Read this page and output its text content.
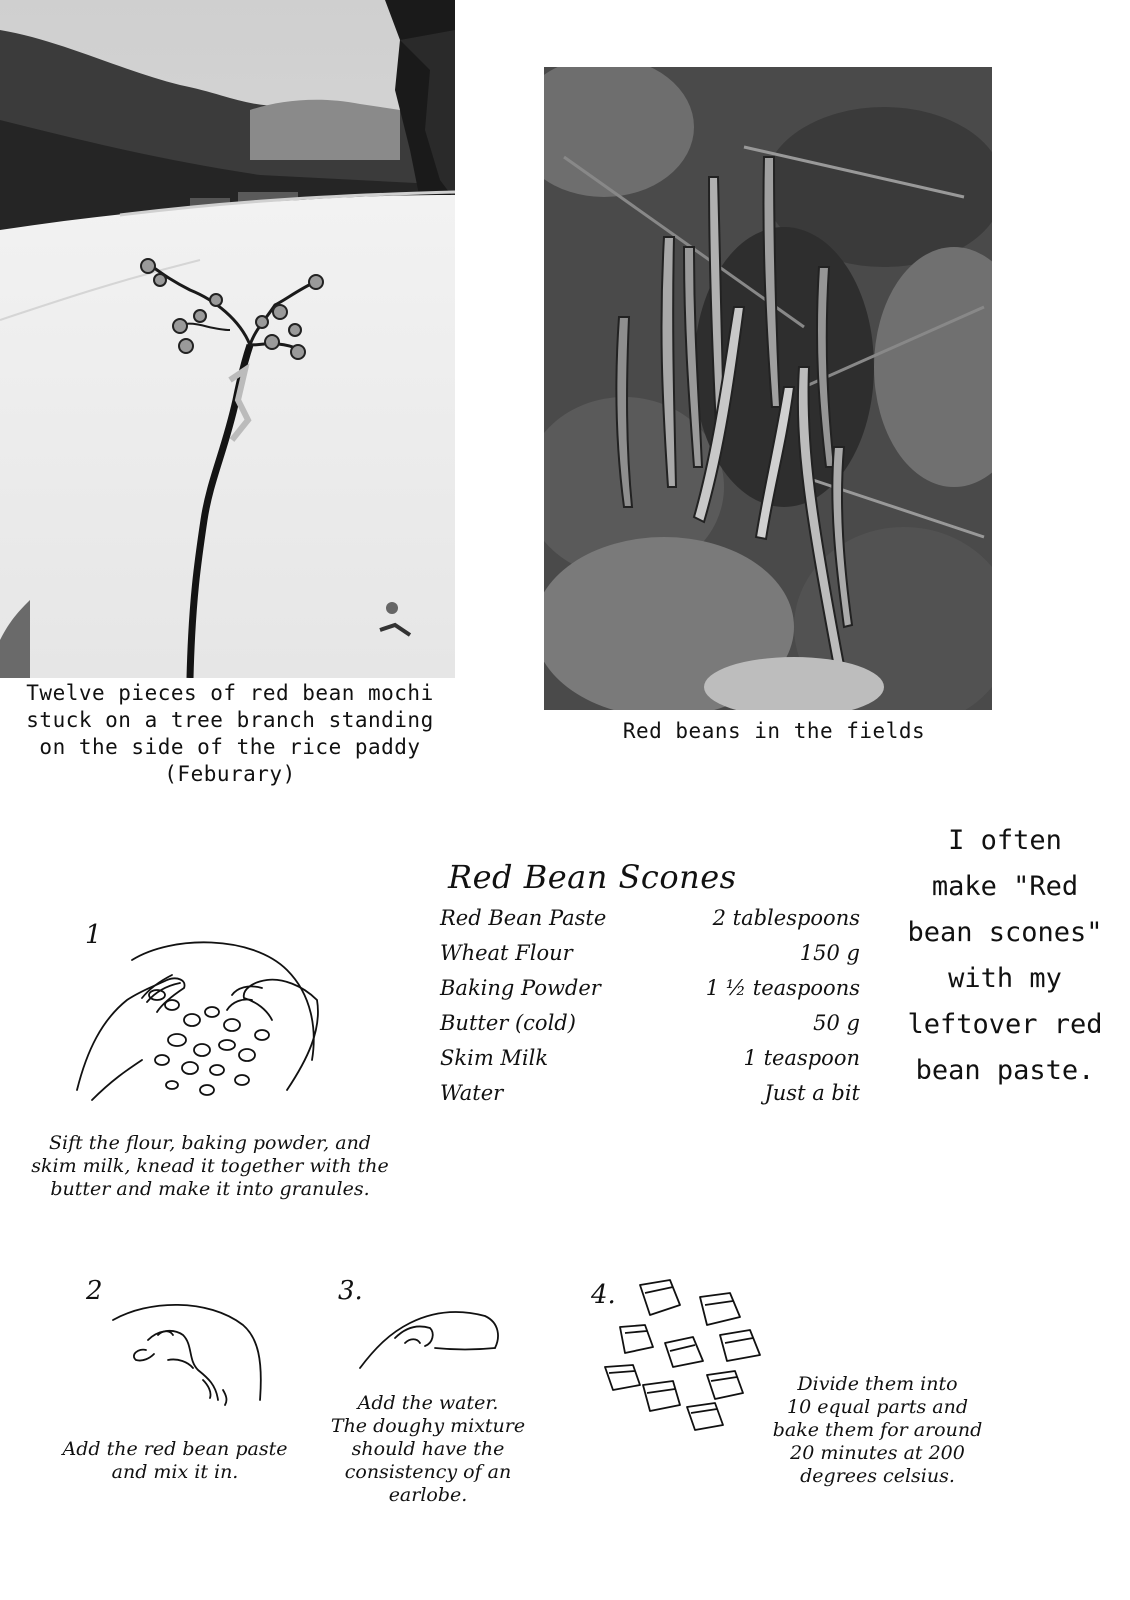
Twelve pieces of red bean mochi
stuck on a tree branch standing
on the side of the rice paddy
(Feburary)
Red beans in the fields
Red Bean Scones
Red Bean Paste	2 tablespoons
Wheat Flour	150 g
Baking Powder	1 ½ teaspoons
Butter (cold)	50 g
Skim Milk	1 teaspoon
Water	Just a bit
I often
make "Red
bean scones"
with my
leftover red
bean paste.
1
Sift the flour, baking powder, and
skim milk, knead it together with the
butter and make it into granules.
2
Add the red bean paste
and mix it in.
3.
Add the water.
The doughy mixture
should have the
consistency of an
earlobe.
4.
Divide them into
10 equal parts and
bake them for around
20 minutes at 200
degrees celsius.
